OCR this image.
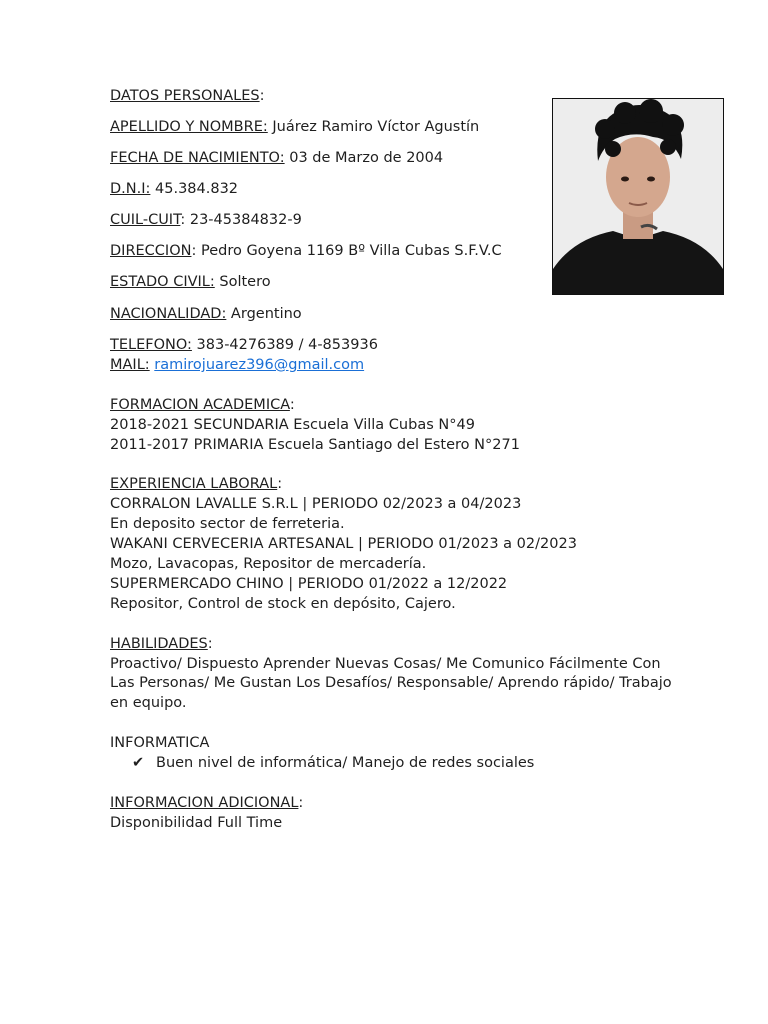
DATOS PERSONALES:
APELLIDO Y NOMBRE: Juárez Ramiro Víctor Agustín
FECHA DE NACIMIENTO: 03 de Marzo de 2004
D.N.I: 45.384.832
CUIL-CUIT: 23-45384832-9
DIRECCION: Pedro Goyena 1169 Bº Villa Cubas S.F.V.C
ESTADO CIVIL: Soltero
NACIONALIDAD: Argentino
TELEFONO: 383-4276389 / 4-853936
MAIL: ramirojuarez396@gmail.com
FORMACION ACADEMICA:
2018-2021 SECUNDARIA Escuela Villa Cubas N°49
2011-2017 PRIMARIA Escuela Santiago del Estero N°271
EXPERIENCIA LABORAL:
CORRALON LAVALLE S.R.L | PERIODO 02/2023 a 04/2023
En deposito sector de ferreteria.
WAKANI CERVECERIA ARTESANAL | PERIODO 01/2023 a 02/2023
Mozo, Lavacopas, Repositor de mercadería.
SUPERMERCADO CHINO | PERIODO 01/2022 a 12/2022
Repositor, Control de stock en depósito, Cajero.
HABILIDADES:
Proactivo/ Dispuesto Aprender Nuevas Cosas/ Me Comunico Fácilmente Con
Las Personas/ Me Gustan Los Desafíos/ Responsable/ Aprendo rápido/ Trabajo
en equipo.
INFORMATICA
✔ Buen nivel de informática/ Manejo de redes sociales
INFORMACION ADICIONAL:
Disponibilidad Full Time
